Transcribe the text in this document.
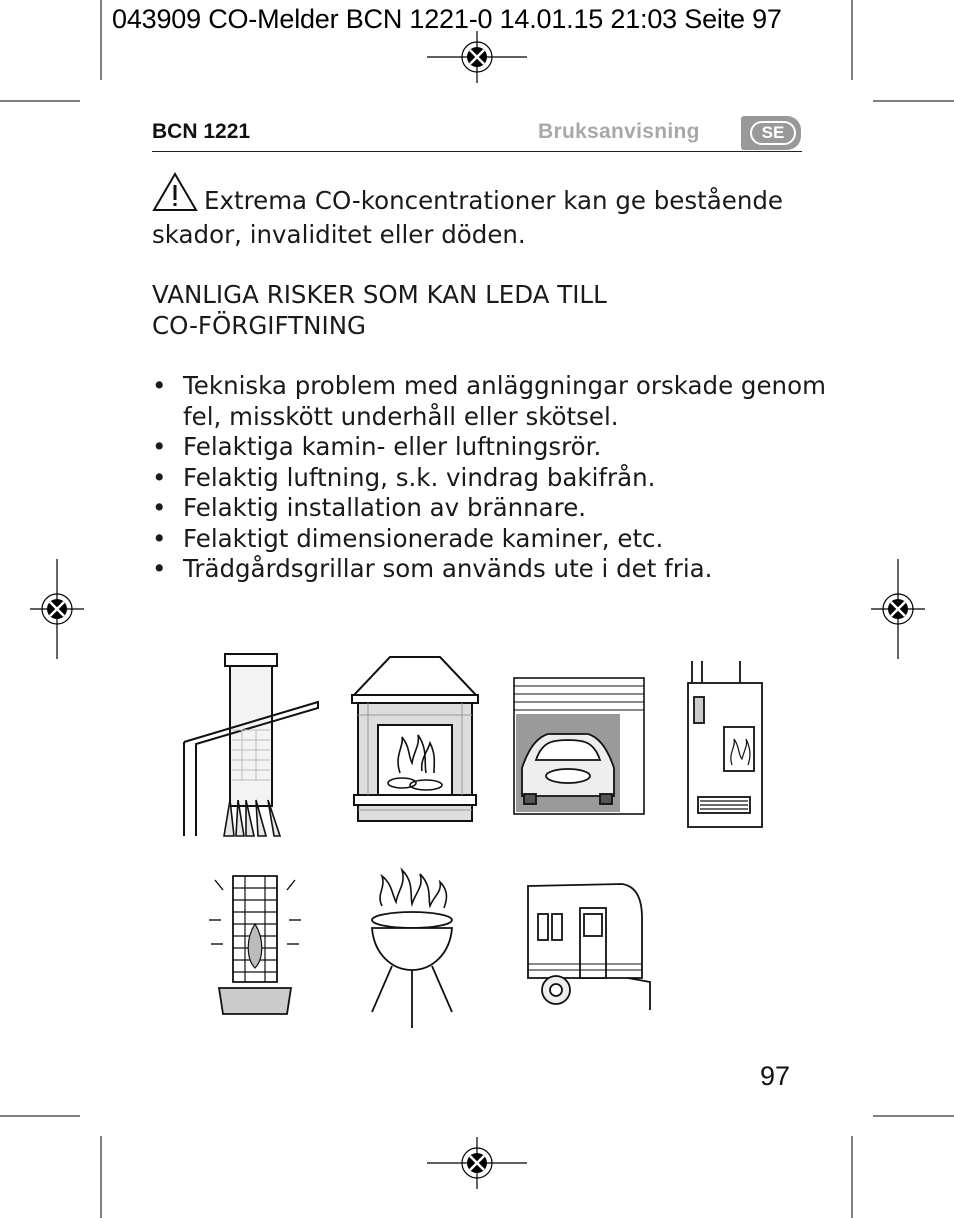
043909 CO-Melder BCN 1221-0 14.01.15 21:03 Seite 97
BCN 1221	Bruksanvisning	SE
Extrema CO-koncentrationer kan ge bestående skador, invaliditet eller döden.
VANLIGA RISKER SOM KAN LEDA TILL
CO-FÖRGIFTNING
• Tekniska problem med anläggningar orskade genom fel, misskött underhåll eller skötsel.
• Felaktiga kamin- eller luftningsrör.
• Felaktig luftning, s.k. vindrag bakifrån.
• Felaktig installation av brännare.
• Felaktigt dimensionerade kaminer, etc.
• Trädgårdsgrillar som används ute i det fria.
97
